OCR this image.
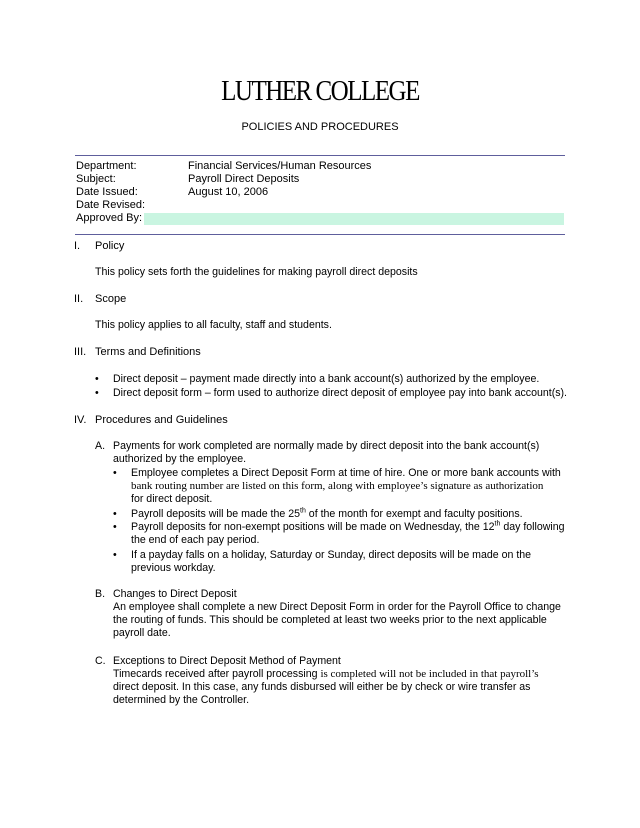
LUTHER COLLEGE
POLICIES AND PROCEDURES
Department:	Financial Services/Human Resources
Subject:	Payroll Direct Deposits
Date Issued:	August 10, 2006
Date Revised:
Approved By:
I.	Policy
This policy sets forth the guidelines for making payroll direct deposits
II.	Scope
This policy applies to all faculty, staff and students.
III. Terms and Definitions
• Direct deposit – payment made directly into a bank account(s) authorized by the employee.
• Direct deposit form – form used to authorize direct deposit of employee pay into bank account(s).
IV. Procedures and Guidelines
A. Payments for work completed are normally made by direct deposit into the bank account(s) authorized by the employee.
• Employee completes a Direct Deposit Form at time of hire. One or more bank accounts with
bank routing number are listed on this form, along with employee’s signature as authorization
for direct deposit.
• Payroll deposits will be made the 25th of the month for exempt and faculty positions.
• Payroll deposits for non-exempt positions will be made on Wednesday, the 12th day following the end of each pay period.
• If a payday falls on a holiday, Saturday or Sunday, direct deposits will be made on the previous workday.
B. Changes to Direct Deposit
An employee shall complete a new Direct Deposit Form in order for the Payroll Office to change the routing of funds. This should be completed at least two weeks prior to the next applicable payroll date.
C. Exceptions to Direct Deposit Method of Payment
Timecards received after payroll processing is completed will not be included in that payroll’s direct deposit. In this case, any funds disbursed will either be by check or wire transfer as determined by the Controller.
